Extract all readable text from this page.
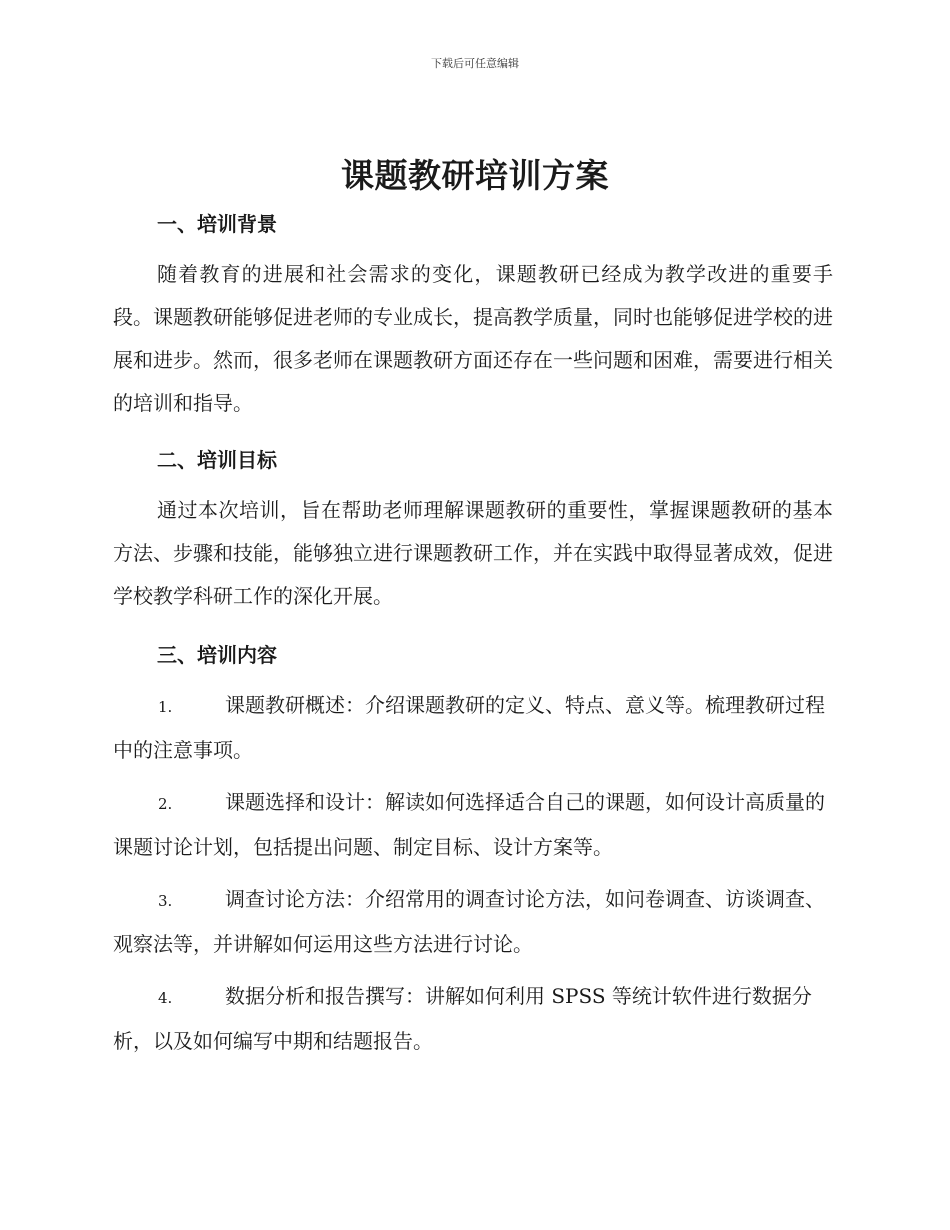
下载后可任意编辑
课题教研培训方案
一、培训背景

随着教育的进展和社会需求的变化，课题教研已经成为教学改进的重要手段。课题教研能够促进老师的专业成长，提高教学质量，同时也能够促进学校的进展和进步。然而，很多老师在课题教研方面还存在一些问题和困难，需要进行相关的培训和指导。

二、培训目标

通过本次培训，旨在帮助老师理解课题教研的重要性，掌握课题教研的基本方法、步骤和技能，能够独立进行课题教研工作，并在实践中取得显著成效，促进学校教学科研工作的深化开展。

三、培训内容

1.	课题教研概述：介绍课题教研的定义、特点、意义等。梳理教研过程中的注意事项。

2.	课题选择和设计：解读如何选择适合自己的课题，如何设计高质量的课题讨论计划，包括提出问题、制定目标、设计方案等。

3.	调查讨论方法：介绍常用的调查讨论方法，如问卷调查、访谈调查、观察法等，并讲解如何运用这些方法进行讨论。

4.	数据分析和报告撰写：讲解如何利用 SPSS 等统计软件进行数据分析，以及如何编写中期和结题报告。
